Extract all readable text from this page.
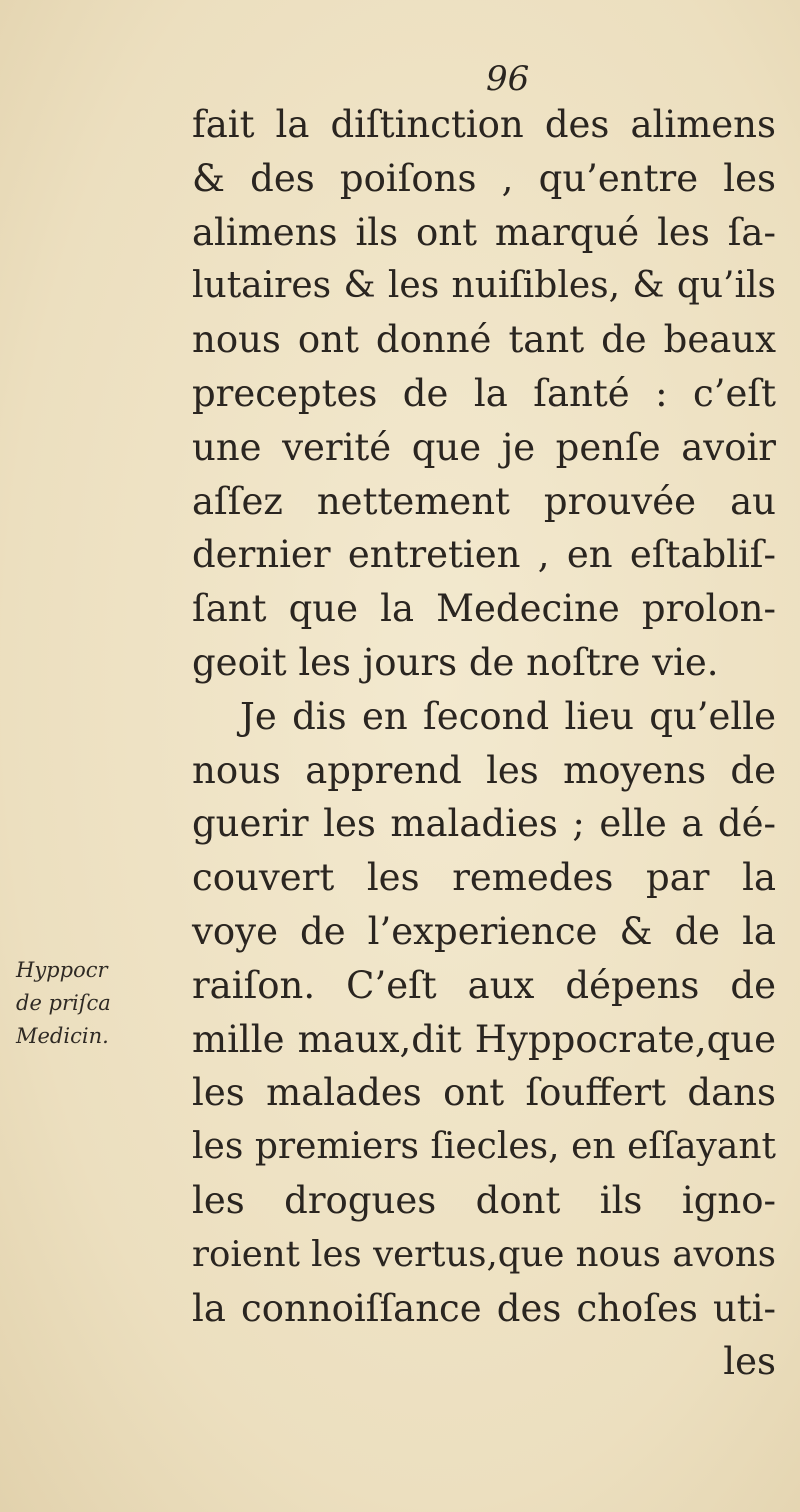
96
fait la diſtinction des alimens
& des poiſons , qu’entre les
alimens ils ont marqué les ſa-
lutaires & les nuiſibles, & qu’ils
nous ont donné tant de beaux
preceptes de la ſanté : c’eſt
une verité que je penſe avoir
aſſez nettement prouvée au
dernier entretien , en eſtabliſ-
ſant que la Medecine prolon-
geoit les jours de noſtre vie.
Je dis en ſecond lieu qu’elle
nous apprend les moyens de
guerir les maladies ; elle a dé-
couvert les remedes par la
voye de l’experience & de la
raiſon. C’eſt aux dépens de
mille maux,dit Hyppocrate,que
les malades ont ſouffert dans
les premiers ſiecles, en eſſayant
les drogues dont ils igno-
roient les vertus,que nous avons
la connoiſſance des choſes uti-
les
Hyppocr
de priſca
Medicin.
